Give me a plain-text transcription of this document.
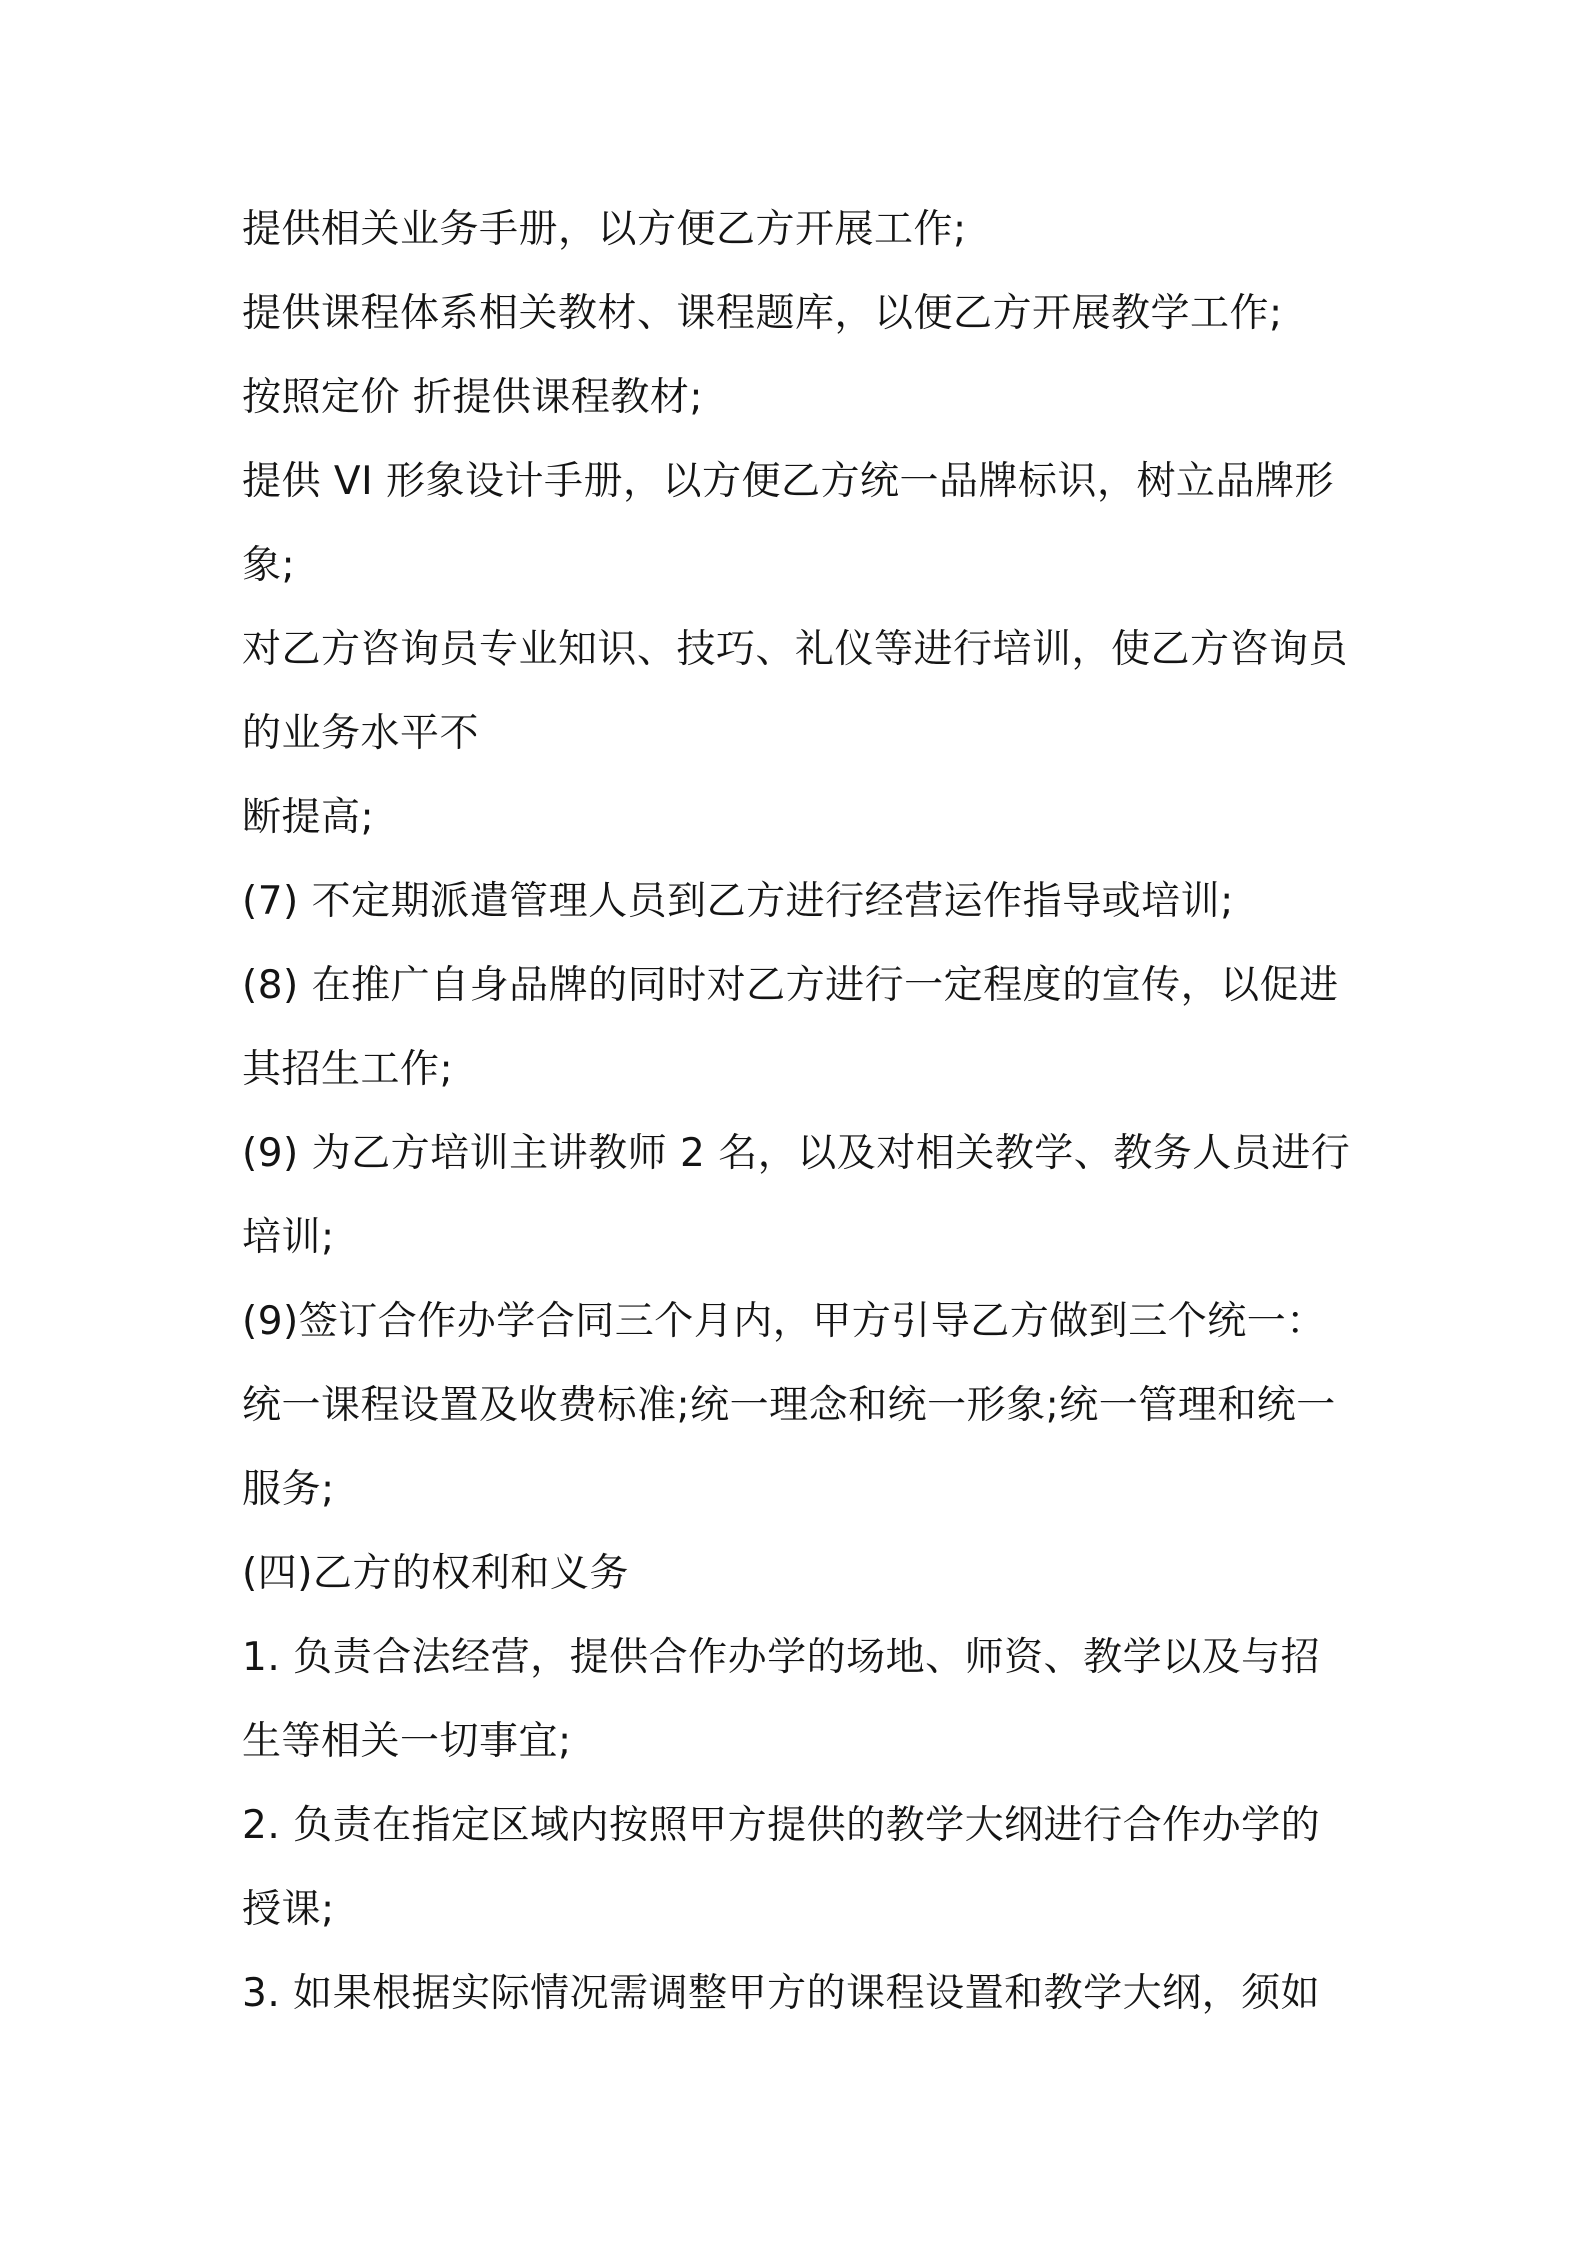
提供相关业务手册，以方便乙方开展工作;
提供课程体系相关教材、课程题库，以便乙方开展教学工作;
按照定价 折提供课程教材;
提供 VI 形象设计手册，以方便乙方统一品牌标识，树立品牌形
象;
对乙方咨询员专业知识、技巧、礼仪等进行培训，使乙方咨询员
的业务水平不
断提高;
(7) 不定期派遣管理人员到乙方进行经营运作指导或培训;
(8) 在推广自身品牌的同时对乙方进行一定程度的宣传，以促进
其招生工作;
(9) 为乙方培训主讲教师 2 名，以及对相关教学、教务人员进行
培训;
(9)签订合作办学合同三个月内，甲方引导乙方做到三个统一：
统一课程设置及收费标准;统一理念和统一形象;统一管理和统一
服务;
(四)乙方的权利和义务
1. 负责合法经营，提供合作办学的场地、师资、教学以及与招
生等相关一切事宜;
2. 负责在指定区域内按照甲方提供的教学大纲进行合作办学的
授课;
3. 如果根据实际情况需调整甲方的课程设置和教学大纲，须如
